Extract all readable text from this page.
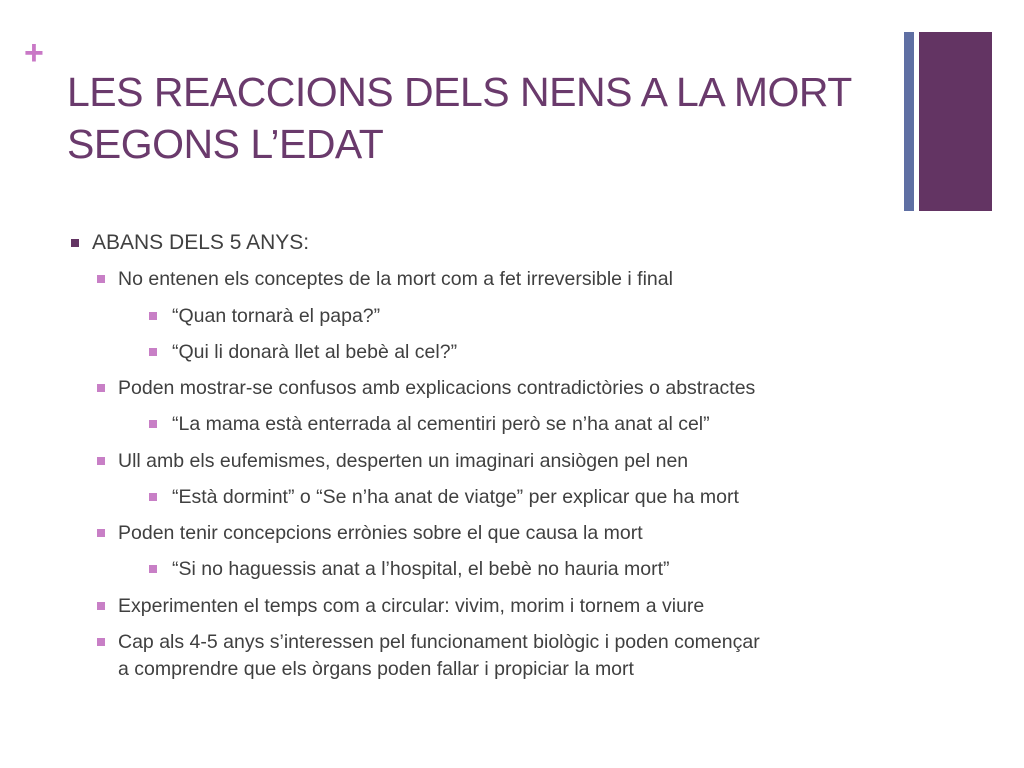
+
LES REACCIONS DELS NENS A LA MORT
SEGONS L’EDAT
ABANS DELS 5 ANYS:
No entenen els conceptes de la mort com a fet irreversible i final
“Quan tornarà el papa?”
“Qui li donarà llet al bebè al cel?”
Poden mostrar-se confusos amb explicacions contradictòries o abstractes
“La mama està enterrada al cementiri però se n’ha anat al cel”
Ull amb els eufemismes, desperten un imaginari ansiògen pel nen
“Està dormint” o “Se n’ha anat de viatge” per explicar que ha mort
Poden tenir concepcions errònies sobre el que causa la mort
“Si no haguessis anat a l’hospital, el bebè no hauria mort”
Experimenten el temps com a circular: vivim, morim i tornem a viure
Cap als 4-5 anys s’interessen pel funcionament biològic i poden començar
a comprendre que els òrgans poden fallar i propiciar la mort
